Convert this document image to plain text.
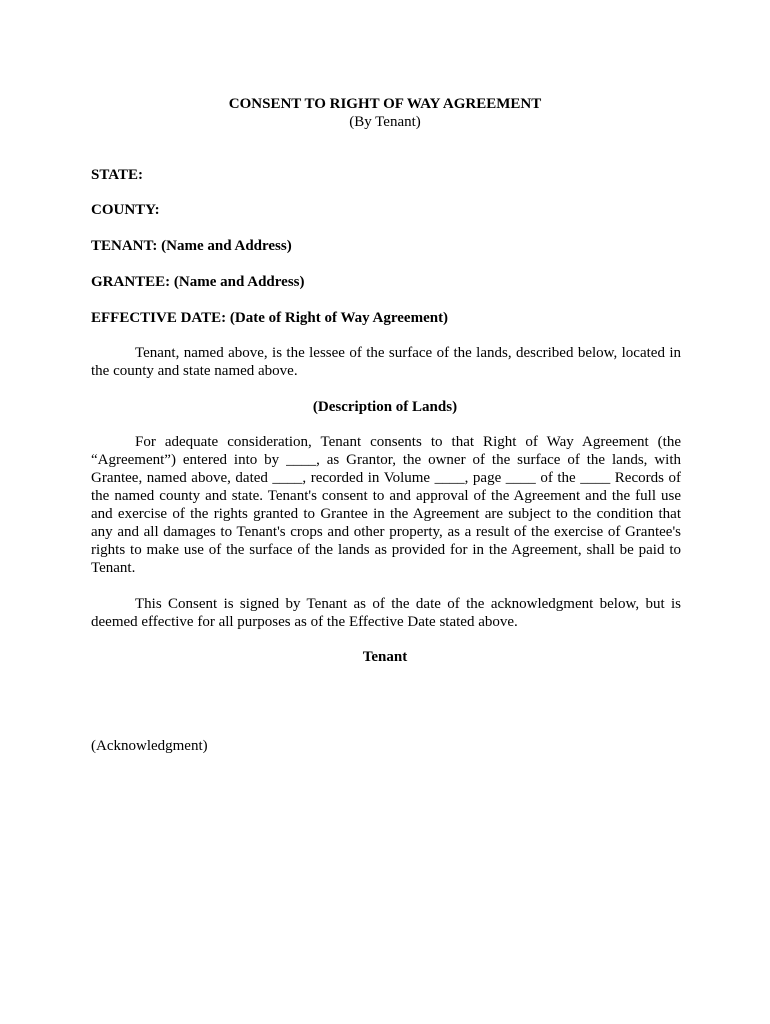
CONSENT TO RIGHT OF WAY AGREEMENT
(By Tenant)
STATE:
COUNTY:
TENANT: (Name and Address)
GRANTEE: (Name and Address)
EFFECTIVE DATE: (Date of Right of Way Agreement)
Tenant, named above, is the lessee of the surface of the lands, described below, located in the county and state named above.
(Description of Lands)
For adequate consideration, Tenant consents to that Right of Way Agreement (the “Agreement”) entered into by ____, as Grantor, the owner of the surface of the lands, with Grantee, named above, dated ____, recorded in Volume ____, page ____ of the ____ Records of the named county and state. Tenant's consent to and approval of the Agreement and the full use and exercise of the rights granted to Grantee in the Agreement are subject to the condition that any and all damages to Tenant's crops and other property, as a result of the exercise of Grantee's rights to make use of the surface of the lands as provided for in the Agreement, shall be paid to Tenant.
This Consent is signed by Tenant as of the date of the acknowledgment below, but is deemed effective for all purposes as of the Effective Date stated above.
Tenant
(Acknowledgment)
